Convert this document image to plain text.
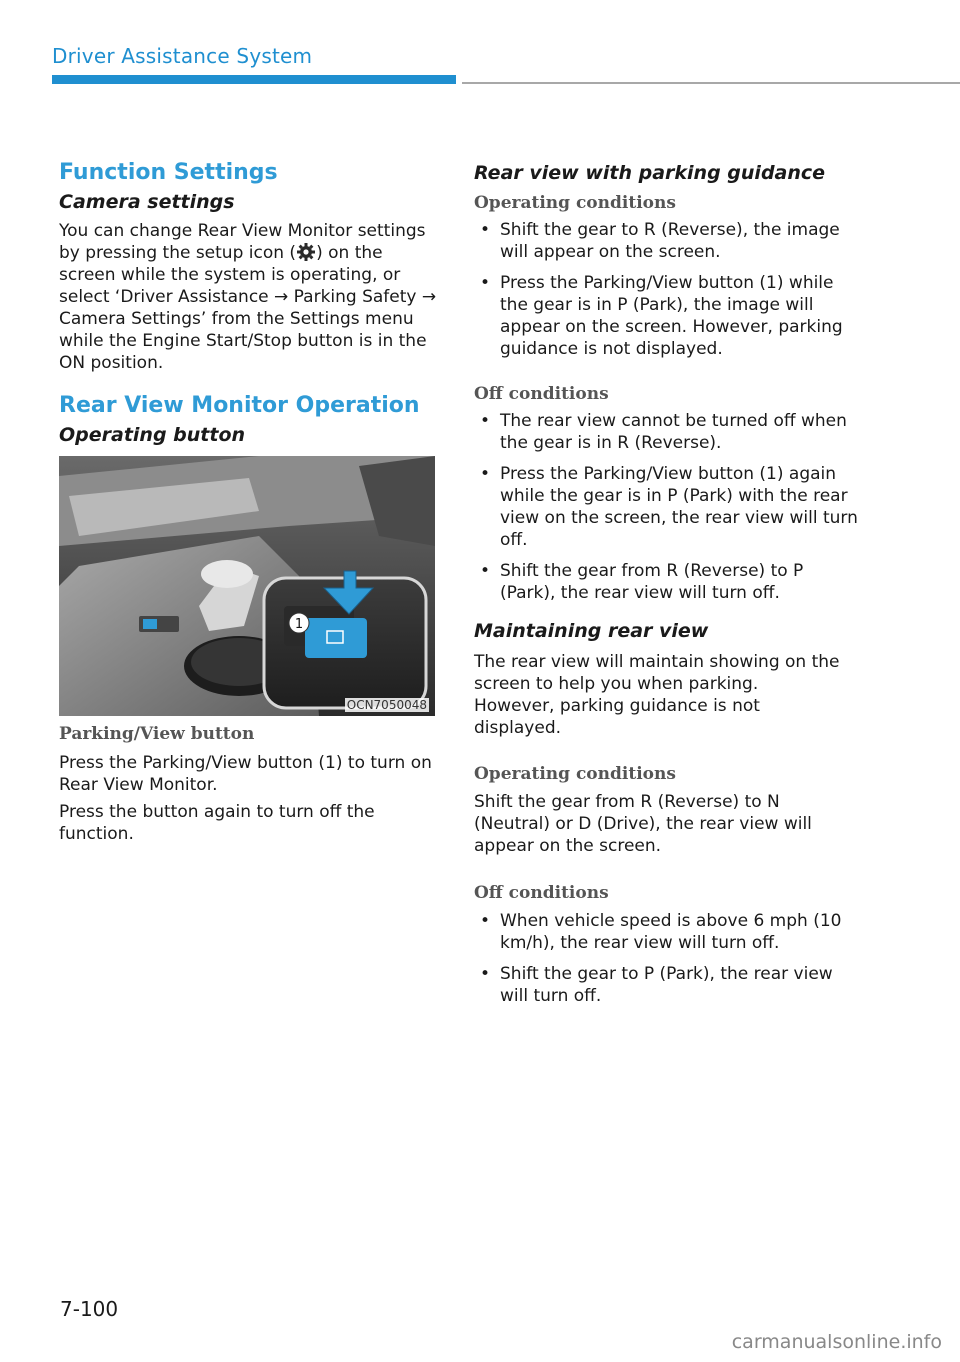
Driver Assistance System
Function Settings
Camera settings
You can change Rear View Monitor settings by pressing the setup icon ( ) on the screen while the system is operating, or select ‘Driver Assistance → Parking Safety → Camera Settings’ from the Settings menu while the Engine Start/Stop button is in the ON position.
Rear View Monitor Operation
Operating button
1
OCN7050048
Parking/View button
Press the Parking/View button (1) to turn on Rear View Monitor.
Press the button again to turn off the function.
Rear view with parking guidance
Operating conditions
• Shift the gear to R (Reverse), the image will appear on the screen.
• Press the Parking/View button (1) while the gear is in P (Park), the image will appear on the screen. However, parking guidance is not displayed.
Off conditions
• The rear view cannot be turned off when the gear is in R (Reverse).
• Press the Parking/View button (1) again while the gear is in P (Park) with the rear view on the screen, the rear view will turn off.
• Shift the gear from R (Reverse) to P (Park), the rear view will turn off.
Maintaining rear view
The rear view will maintain showing on the screen to help you when parking. However, parking guidance is not displayed.
Operating conditions
Shift the gear from R (Reverse) to N (Neutral) or D (Drive), the rear view will appear on the screen.
Off conditions
• When vehicle speed is above 6 mph (10 km/h), the rear view will turn off.
• Shift the gear to P (Park), the rear view will turn off.
7-100
carmanualsonline.info
